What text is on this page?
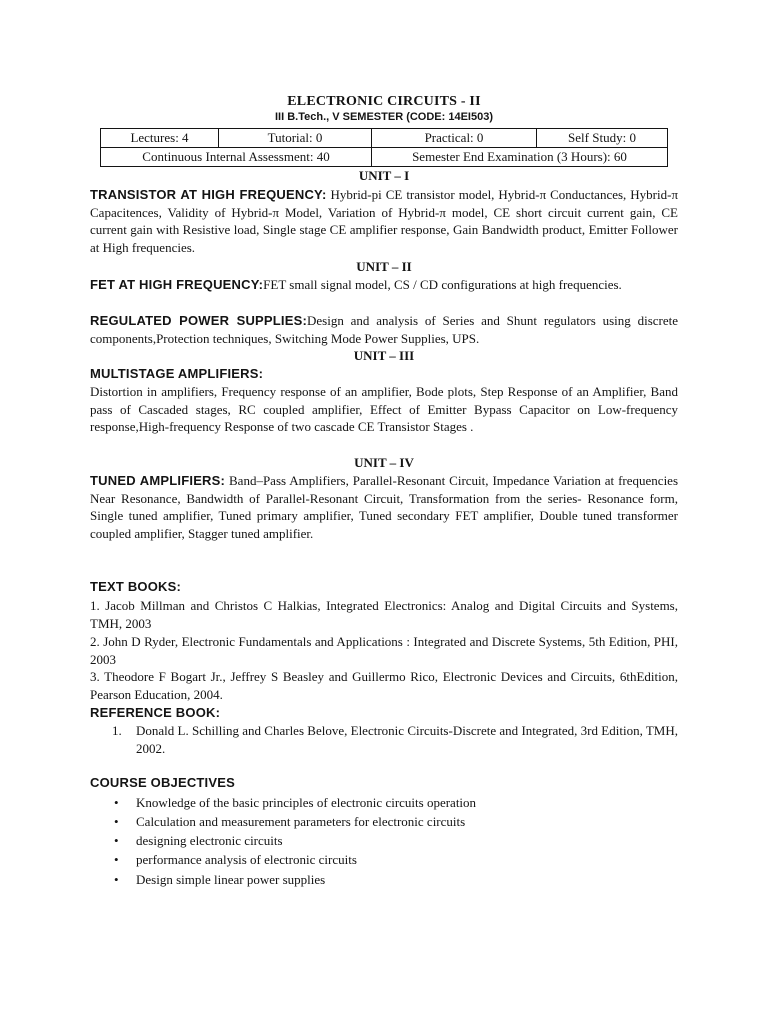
ELECTRONIC CIRCUITS - II
III B.Tech., V SEMESTER (CODE: 14EI503)
Lectures: 4	Tutorial: 0	Practical: 0	Self Study: 0
Continuous Internal Assessment: 40		Semester End Examination (3 Hours): 60	
UNIT – I
TRANSISTOR AT HIGH FREQUENCY: Hybrid-pi CE transistor model, Hybrid-π Conductances, Hybrid-π Capacitences, Validity of Hybrid-π Model, Variation of Hybrid-π model, CE short circuit current gain, CE current gain with Resistive load, Single stage CE amplifier response, Gain Bandwidth product, Emitter Follower at High frequencies.
UNIT – II
FET AT HIGH FREQUENCY:FET small signal model, CS / CD configurations at high frequencies.
REGULATED POWER SUPPLIES:Design and analysis of Series and Shunt regulators using discrete components,Protection techniques, Switching Mode Power Supplies, UPS.
UNIT – III
MULTISTAGE AMPLIFIERS:
Distortion in amplifiers, Frequency response of an amplifier, Bode plots, Step Response of an Amplifier, Band pass of Cascaded stages, RC coupled amplifier, Effect of Emitter Bypass Capacitor on Low-frequency response,High-frequency Response of two cascade CE Transistor Stages .
UNIT – IV
TUNED AMPLIFIERS: Band–Pass Amplifiers, Parallel-Resonant Circuit, Impedance Variation at frequencies Near Resonance, Bandwidth of Parallel-Resonant Circuit, Transformation from the series- Resonance form, Single tuned amplifier, Tuned primary amplifier, Tuned secondary FET amplifier, Double tuned transformer coupled amplifier, Stagger tuned amplifier.
TEXT BOOKS:
1. Jacob Millman and Christos C Halkias, Integrated Electronics: Analog and Digital Circuits and Systems, TMH, 2003
2. John D Ryder, Electronic Fundamentals and Applications : Integrated and Discrete Systems, 5th Edition, PHI, 2003
3. Theodore F Bogart Jr., Jeffrey S Beasley and Guillermo Rico, Electronic Devices and Circuits, 6thEdition, Pearson Education, 2004.
REFERENCE BOOK:
1. Donald L. Schilling and Charles Belove, Electronic Circuits-Discrete and Integrated, 3rd Edition, TMH, 2002.
COURSE OBJECTIVES
• Knowledge of the basic principles of electronic circuits operation
• Calculation and measurement parameters for electronic circuits
• designing electronic circuits
• performance analysis of electronic circuits
• Design simple linear power supplies
